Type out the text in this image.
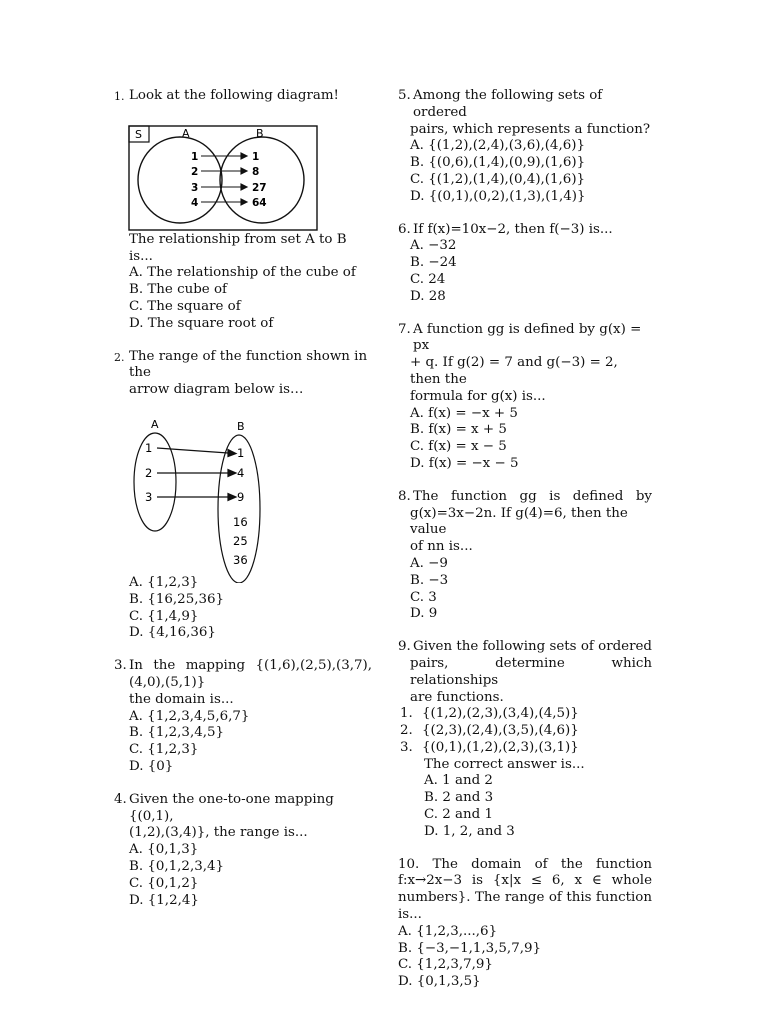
1. Look at the following diagram!
S	A	B
1
2
3
4
1
8
27
64
The relationship from set A to B is...
A. The relationship of the cube of
B. The cube of
C. The square of
D. The square root of
2. The range of the function shown in the
arrow diagram below is…
A	B
1
2
3
1
4
9
16
25
36
A. {1,2,3}
B. {16,25,36}
C. {1,4,9}
D. {4,16,36}
3. In the mapping {(1,6),(2,5),(3,7),
(4,0),(5,1)}
the domain is...
A. {1,2,3,4,5,6,7}
B. {1,2,3,4,5}
C. {1,2,3}
D. {0}
4. Given the one-to-one mapping {(0,1),
(1,2),(3,4)}, the range is...
A. {0,1,3}
B. {0,1,2,3,4}
C. {0,1,2}
D. {1,2,4}
5. Among the following sets of ordered
pairs, which represents a function?
A. {(1,2),(2,4),(3,6),(4,6)}
B. {(0,6),(1,4),(0,9),(1,6)}
C. {(1,2),(1,4),(0,4),(1,6)}
D. {(0,1),(0,2),(1,3),(1,4)}
6. If f(x)=10x−2, then f(−3) is...
A. −32
B. −24
C. 24
D. 28
7. A function gg is defined by g(x) = px
+ q. If g(2) = 7 and g(−3) = 2, then the
formula for g(x) is...
A. f(x) = −x + 5
B. f(x) = x + 5
C. f(x) = x − 5
D. f(x) = −x − 5
8. The function gg is defined by
g(x)=3x−2n. If g(4)=6, then the value
of nn is...
A. −9
B. −3
C. 3
D. 9
9. Given the following sets of ordered
pairs, determine which relationships
are functions.
1. {(1,2),(2,3),(3,4),(4,5)}
2. {(2,3),(2,4),(3,5),(4,6)}
3. {(0,1),(1,2),(2,3),(3,1)}
The correct answer is...
A. 1 and 2
B. 2 and 3
C. 2 and 1
D. 1, 2, and 3
10. The domain of the function
f:x→2x−3 is {x|x ≤ 6, x ∈ whole
numbers}. The range of this function
is...
A. {1,2,3,...,6}
B. {−3,−1,1,3,5,7,9}
C. {1,2,3,7,9}
D. {0,1,3,5}
